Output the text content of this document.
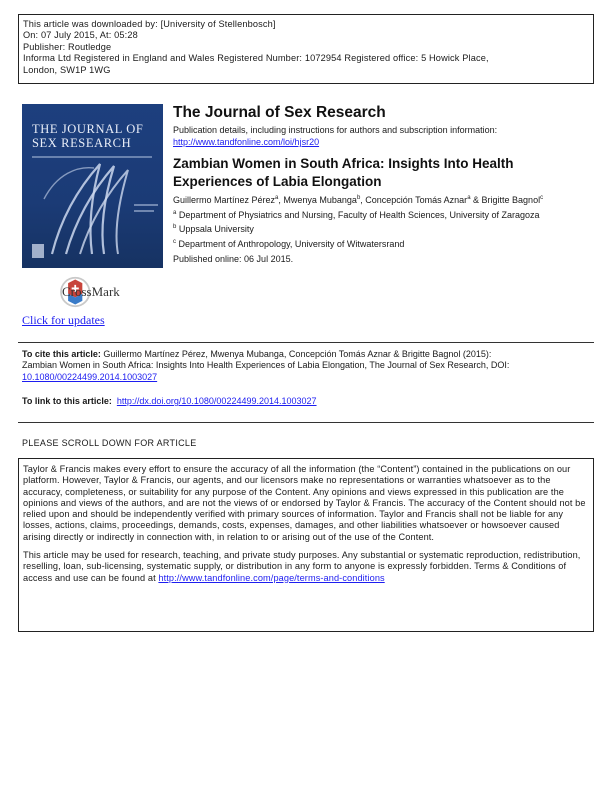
This article was downloaded by: [University of Stellenbosch]
On: 07 July 2015, At: 05:28
Publisher: Routledge
Informa Ltd Registered in England and Wales Registered Number: 1072954 Registered office: 5 Howick Place,
London, SW1P 1WG
THE JOURNAL OF SEX RESEARCH
The Journal of Sex Research
Publication details, including instructions for authors and subscription information:
http://www.tandfonline.com/loi/hjsr20
Zambian Women in South Africa: Insights Into Health Experiences of Labia Elongation
Guillermo Martínez Pérez$^a$, Mwenya Mubanga$^b$, Concepción Tomás Aznar$^a$ & Brigitte Bagnol$^c$
$^a$ Department of Physiatrics and Nursing, Faculty of Health Sciences, University of Zaragoza
$^b$ Uppsala University
$^c$ Department of Anthropology, University of Witwatersrand
Published online: 06 Jul 2015.
CrossMark
Click for updates
To cite this article: Guillermo Martínez Pérez, Mwenya Mubanga, Concepción Tomás Aznar & Brigitte Bagnol (2015):
Zambian Women in South Africa: Insights Into Health Experiences of Labia Elongation, The Journal of Sex Research, DOI:
10.1080/00224499.2014.1003027
To link to this article: http://dx.doi.org/10.1080/00224499.2014.1003027
PLEASE SCROLL DOWN FOR ARTICLE

Taylor & Francis makes every effort to ensure the accuracy of all the information (the “Content”) contained in the publications on our platform. However, Taylor & Francis, our agents, and our licensors make no representations or warranties whatsoever as to the accuracy, completeness, or suitability for any purpose of the Content. Any opinions and views expressed in this publication are the opinions and views of the authors, and are not the views of or endorsed by Taylor & Francis. The accuracy of the Content should not be relied upon and should be independently verified with primary sources of information. Taylor and Francis shall not be liable for any losses, actions, claims, proceedings, demands, costs, expenses, damages, and other liabilities whatsoever or howsoever caused arising directly or indirectly in connection with, in relation to or arising out of the use of the Content.

This article may be used for research, teaching, and private study purposes. Any substantial or systematic reproduction, redistribution, reselling, loan, sub-licensing, systematic supply, or distribution in any form to anyone is expressly forbidden. Terms & Conditions of access and use can be found at http://www.tandfonline.com/page/terms-and-conditions
